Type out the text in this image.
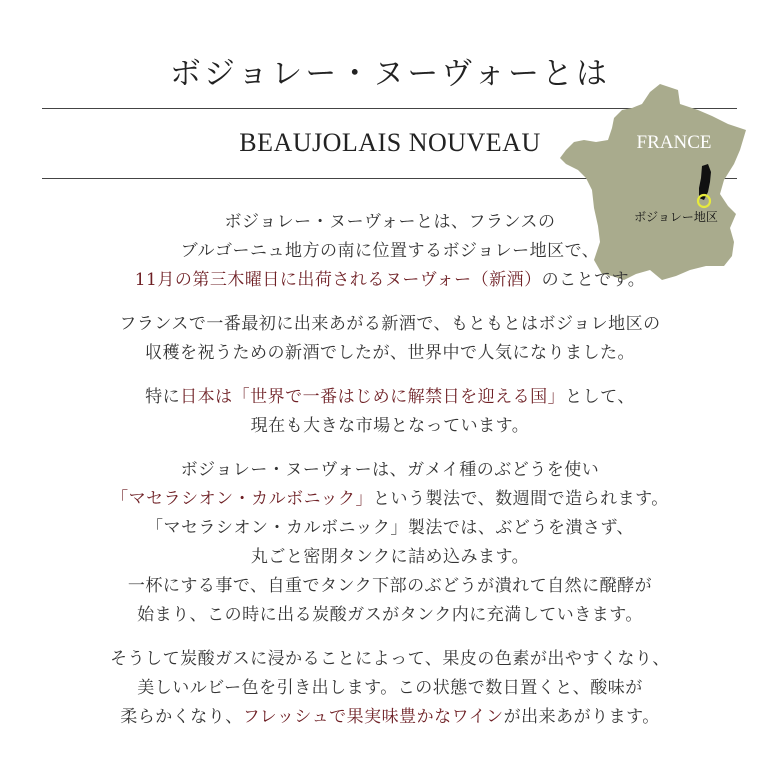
ボジョレー・ヌーヴォーとは
BEAUJOLAIS NOUVEAU	FRANCE
ボジョレー地区
ボジョレー・ヌーヴォーとは、フランスの
ブルゴーニュ地方の南に位置するボジョレー地区で、
11月の第三木曜日に出荷されるヌーヴォー（新酒）のことです。
フランスで一番最初に出来あがる新酒で、もともとはボジョレ地区の
収穫を祝うための新酒でしたが、世界中で人気になりました。
特に日本は「世界で一番はじめに解禁日を迎える国」として、
現在も大きな市場となっています。
ボジョレー・ヌーヴォーは、ガメイ種のぶどうを使い
「マセラシオン・カルボニック」という製法で、数週間で造られます。
「マセラシオン・カルボニック」製法では、ぶどうを潰さず、
丸ごと密閉タンクに詰め込みます。
一杯にする事で、自重でタンク下部のぶどうが潰れて自然に醗酵が
始まり、この時に出る炭酸ガスがタンク内に充満していきます。
そうして炭酸ガスに浸かることによって、果皮の色素が出やすくなり、
美しいルビー色を引き出します。この状態で数日置くと、酸味が
柔らかくなり、フレッシュで果実味豊かなワインが出来あがります。
